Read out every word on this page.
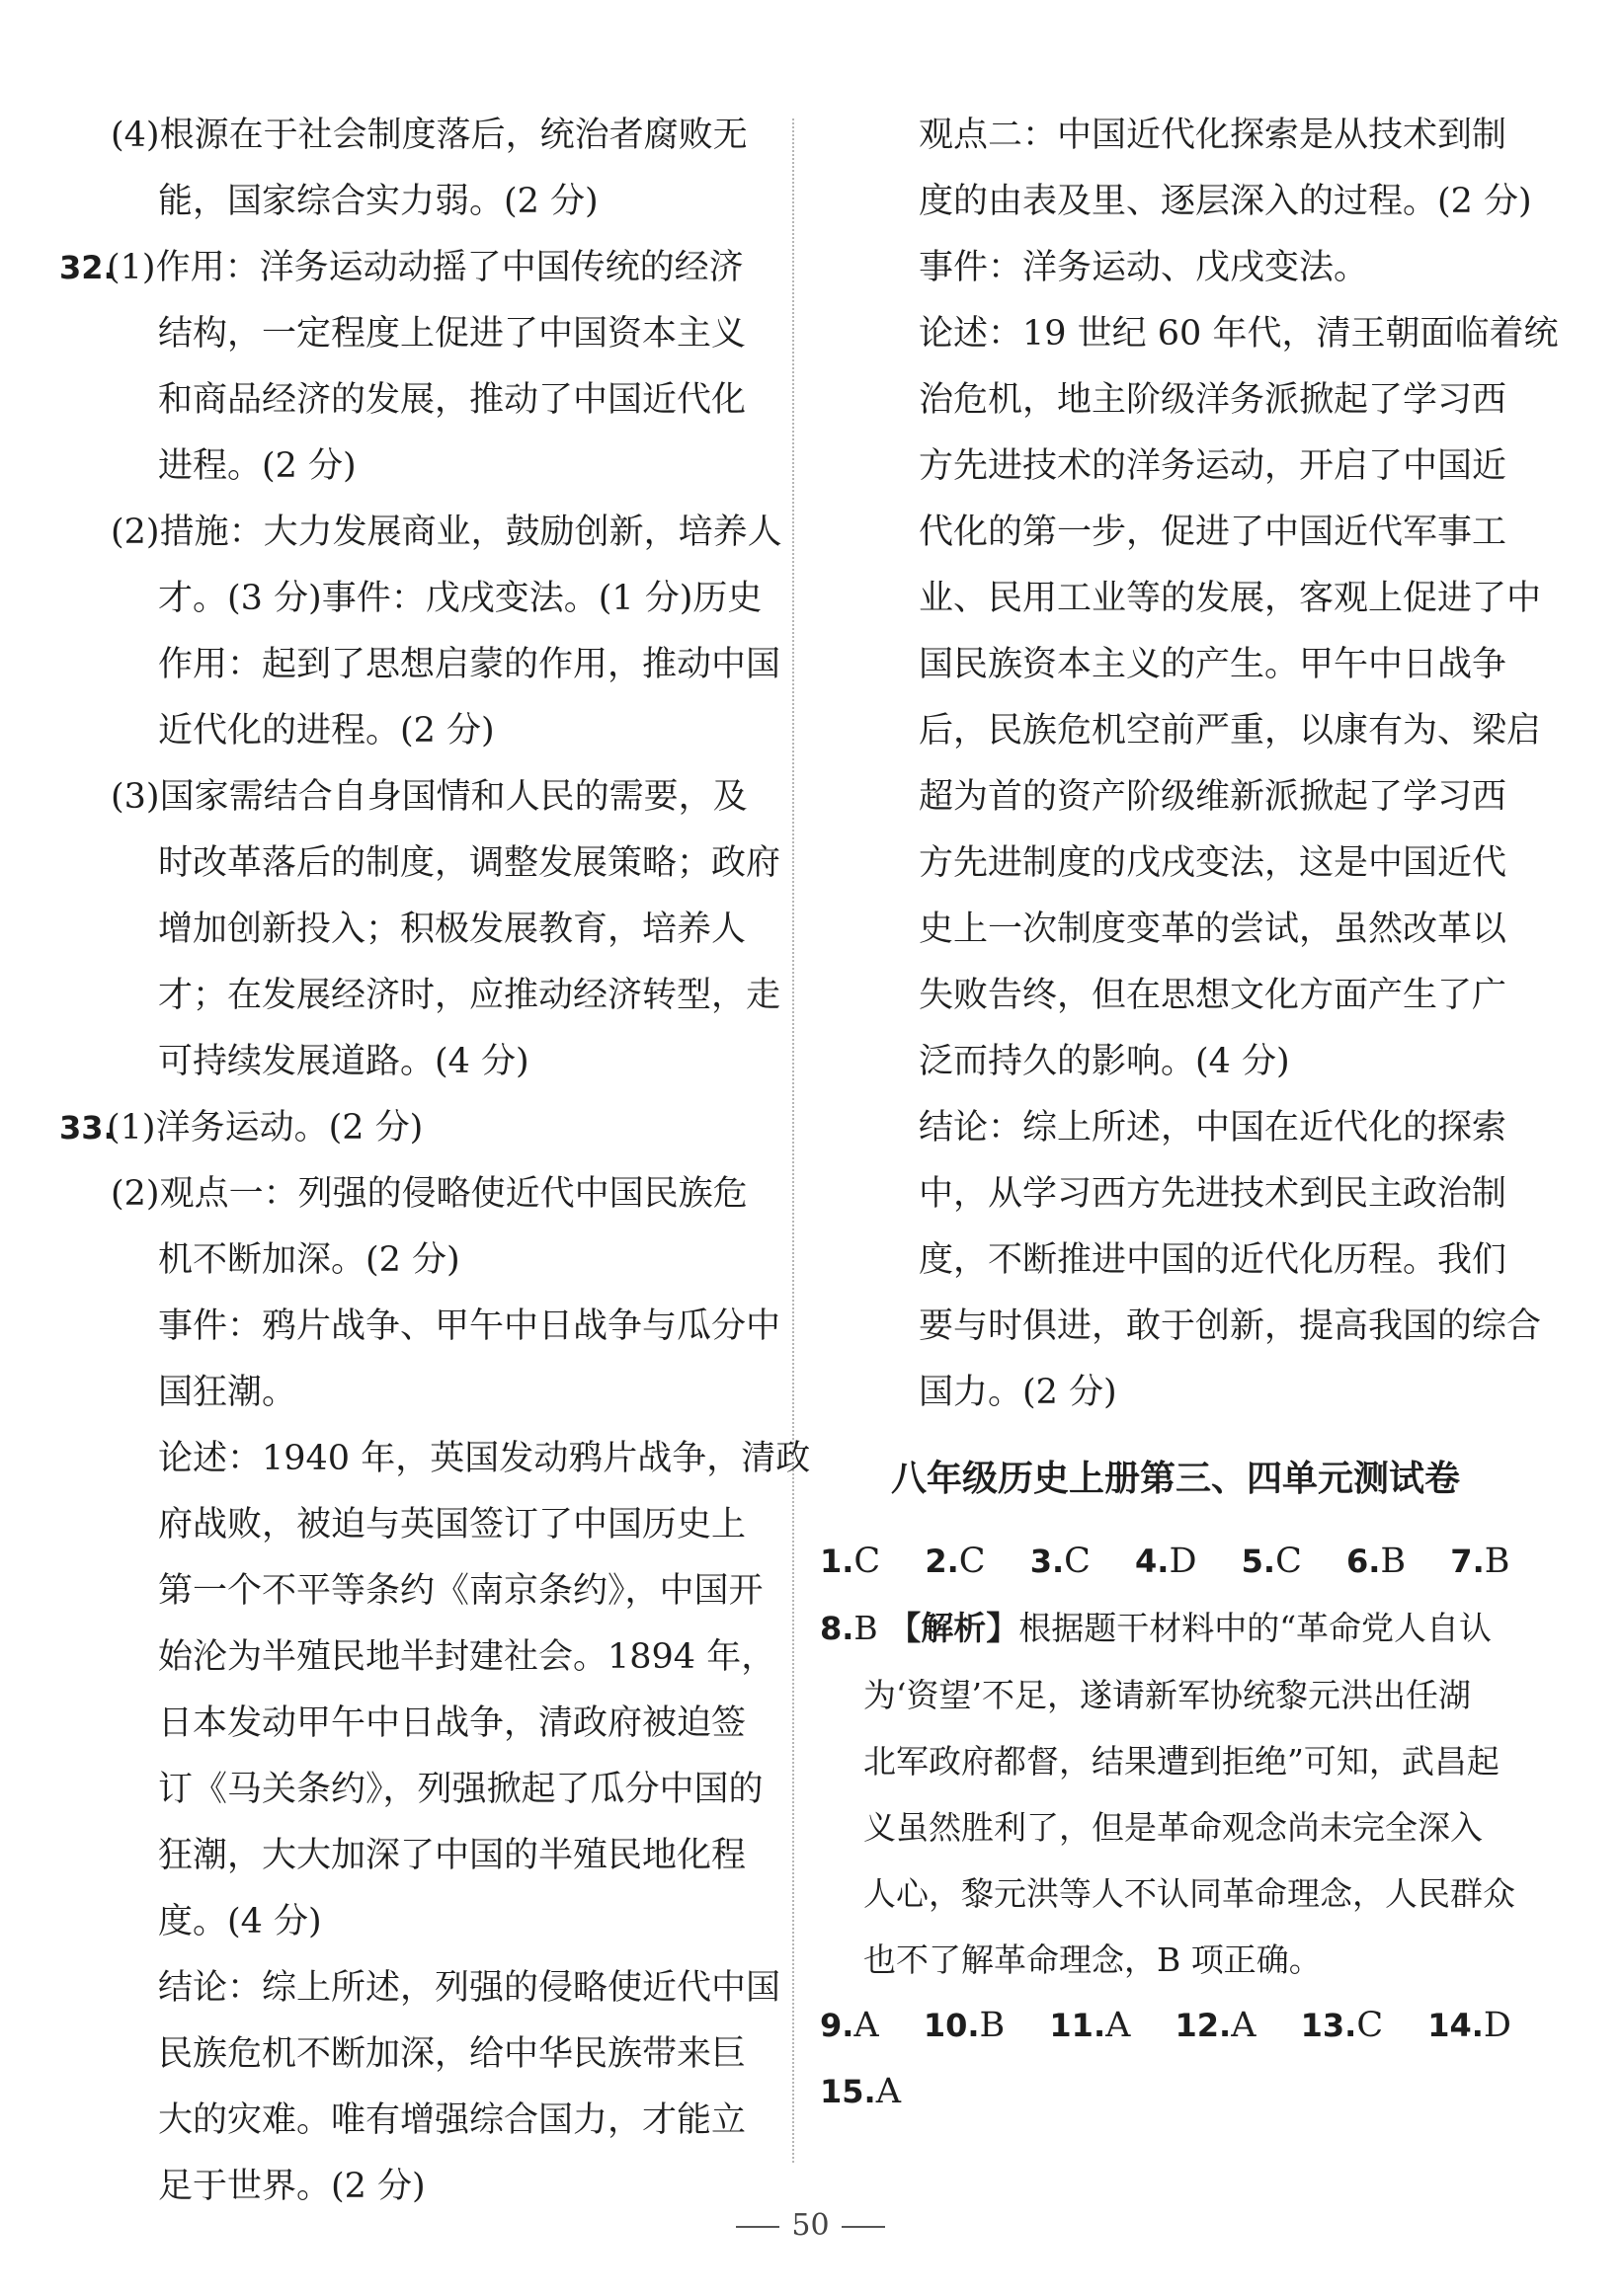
(4)根源在于社会制度落后，统治者腐败无
能，国家综合实力弱。(2 分)
32.
(1)作用：洋务运动动摇了中国传统的经济
结构，一定程度上促进了中国资本主义
和商品经济的发展，推动了中国近代化
进程。(2 分)
(2)措施：大力发展商业，鼓励创新，培养人
才。(3 分)事件：戊戌变法。(1 分)历史
作用：起到了思想启蒙的作用，推动中国
近代化的进程。(2 分)
(3)国家需结合自身国情和人民的需要，及
时改革落后的制度，调整发展策略；政府
增加创新投入；积极发展教育，培养人
才；在发展经济时，应推动经济转型，走
可持续发展道路。(4 分)
33.
(1)洋务运动。(2 分)
(2)观点一：列强的侵略使近代中国民族危
机不断加深。(2 分)
事件：鸦片战争、甲午中日战争与瓜分中
国狂潮。
论述：1940 年，英国发动鸦片战争，清政
府战败，被迫与英国签订了中国历史上
第一个不平等条约《南京条约》，中国开
始沦为半殖民地半封建社会。1894 年，
日本发动甲午中日战争，清政府被迫签
订《马关条约》，列强掀起了瓜分中国的
狂潮，大大加深了中国的半殖民地化程
度。(4 分)
结论：综上所述，列强的侵略使近代中国
民族危机不断加深，给中华民族带来巨
大的灾难。唯有增强综合国力，才能立
足于世界。(2 分)
观点二：中国近代化探索是从技术到制
度的由表及里、逐层深入的过程。(2 分)
事件：洋务运动、戊戌变法。
论述：19 世纪 60 年代，清王朝面临着统
治危机，地主阶级洋务派掀起了学习西
方先进技术的洋务运动，开启了中国近
代化的第一步，促进了中国近代军事工
业、民用工业等的发展，客观上促进了中
国民族资本主义的产生。甲午中日战争
后，民族危机空前严重，以康有为、梁启
超为首的资产阶级维新派掀起了学习西
方先进制度的戊戌变法，这是中国近代
史上一次制度变革的尝试，虽然改革以
失败告终，但在思想文化方面产生了广
泛而持久的影响。(4 分)
结论：综上所述，中国在近代化的探索
中，从学习西方先进技术到民主政治制
度，不断推进中国的近代化历程。我们
要与时俱进，敢于创新，提高我国的综合
国力。(2 分)
八年级历史上册第三、四单元测试卷
1.C 2.C 3.C 4.D 5.C 6.B 7.B
8.B 【解析】根据题干材料中的“革命党人自认
为‘资望’不足，遂请新军协统黎元洪出任湖
北军政府都督，结果遭到拒绝”可知，武昌起
义虽然胜利了，但是革命观念尚未完全深入
人心，黎元洪等人不认同革命理念，人民群众
也不了解革命理念，B 项正确。
9.A 10.B 11.A 12.A 13.C 14.D
15.A
50
